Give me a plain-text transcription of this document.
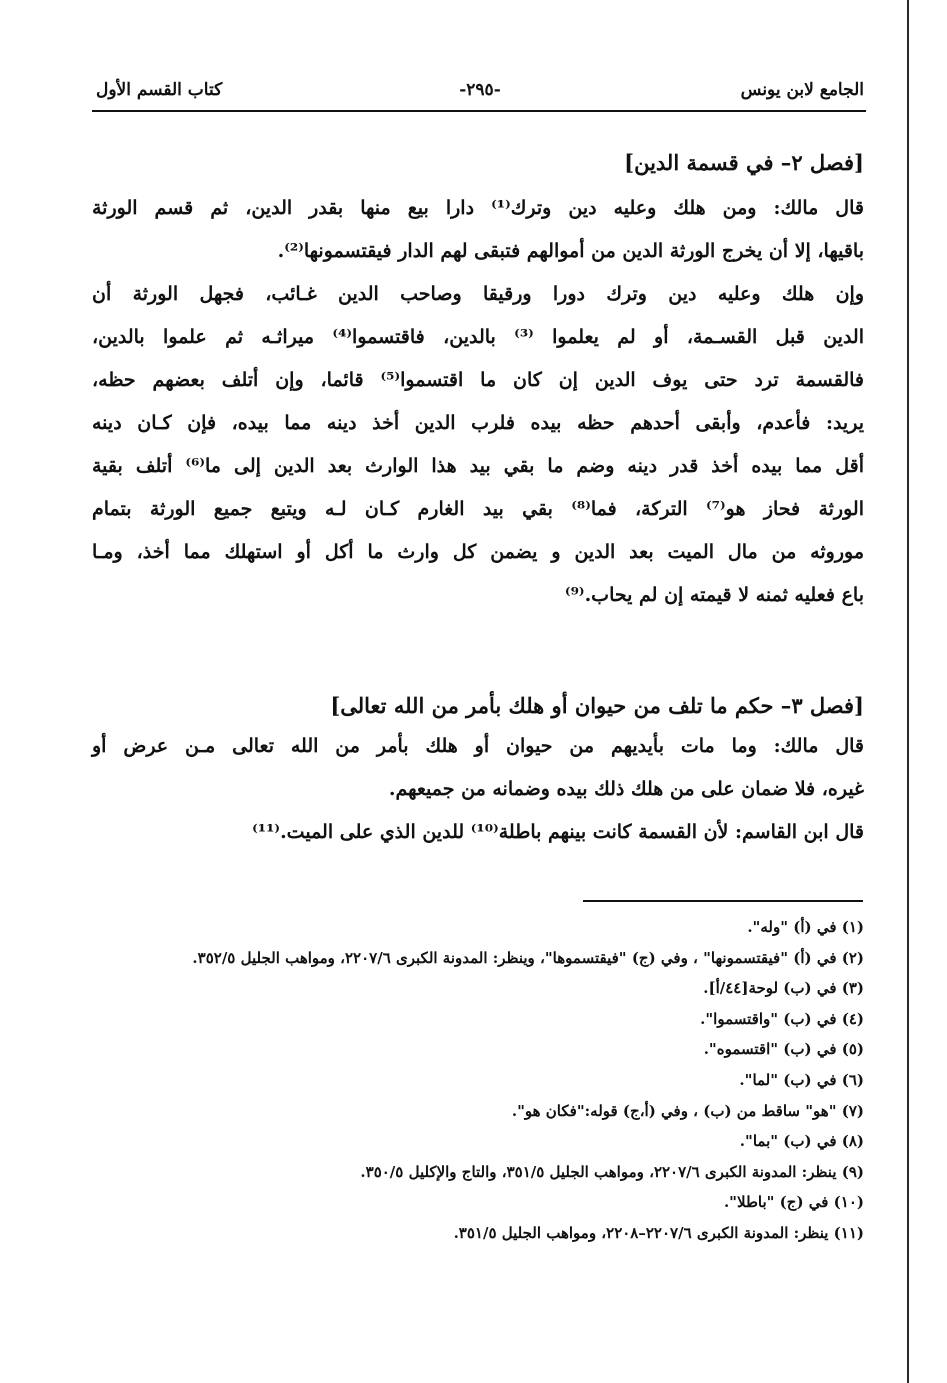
الجامع لابن يونس
-٢٩٥-
كتاب القسم الأول

[فصل ٢– في قسمة الدين]

قال مالك: ومن هلك وعليه دين وترك⁽¹⁾ دارا بيع منها بقدر الدين، ثم قسم الورثة
باقيها، إلا أن يخرج الورثة الدين من أموالهم فتبقى لهم الدار فيقتسمونها⁽²⁾.

وإن هلك وعليه دين وترك دورا ورقيقا وصاحب الدين غـائب، فجهل الورثة أن
الدين قبل القسـمة، أو لم يعلموا ⁽³⁾ بالدين، فاقتسموا⁽⁴⁾ ميراثـه ثم علموا بالدين،
فالقسمة ترد حتى يوف الدين إن كان ما اقتسموا⁽⁵⁾ قائما، وإن أتلف بعضهم حظه،
يريد: فأعدم، وأبقى أحدهم حظه بيده فلرب الدين أخذ دينه مما بيده، فإن كـان دينه
أقل مما بيده أخذ قدر دينه وضم ما بقي بيد هذا الوارث بعد الدين إلى ما⁽⁶⁾ أتلف بقية
الورثة فحاز هو⁽⁷⁾ التركة، فما⁽⁸⁾ بقي بيد الغارم كـان لـه ويتبع جميع الورثة بتمام
موروثه من مال الميت بعد الدين و يضمن كل وارث ما أكل أو استهلك مما أخذ، ومـا
باع فعليه ثمنه لا قيمته إن لم يحاب.⁽⁹⁾

[فصل ٣– حكم ما تلف من حيوان أو هلك بأمر من الله تعالى]

قال مالك: وما مات بأيديهم من حيوان أو هلك بأمر من الله تعالى مـن عرض أو
غيره، فلا ضمان على من هلك ذلك بيده وضمانه من جميعهم.

قال ابن القاسم: لأن القسمة كانت بينهم باطلة⁽¹⁰⁾ للدين الذي على الميت.⁽¹¹⁾

(١) في (أ) "وله".

(٢) في (أ) "فيقتسمونها" ، وفي (ج) "فيقتسموها"، وينظر: المدونة الكبرى ٢٢٠٧/٦، ومواهب الجليل ٣٥٢/٥.

(٣) في (ب) لوحة[٤٤/أ].

(٤) في (ب) "واقتسموا".

(٥) في (ب) "اقتسموه".

(٦) في (ب) "لما".

(٧) "هو" ساقط من (ب) ، وفي (أ،ج) قوله:"فكان هو".

(٨) في (ب) "بما".

(٩) ينظر: المدونة الكبرى ٢٢٠٧/٦، ومواهب الجليل ٣٥١/٥، والتاج والإكليل ٣٥٠/٥.

(١٠) في (ج) "باطلا".

(١١) ينظر: المدونة الكبرى ٢٢٠٧/٦–٢٢٠٨، ومواهب الجليل ٣٥١/٥.
